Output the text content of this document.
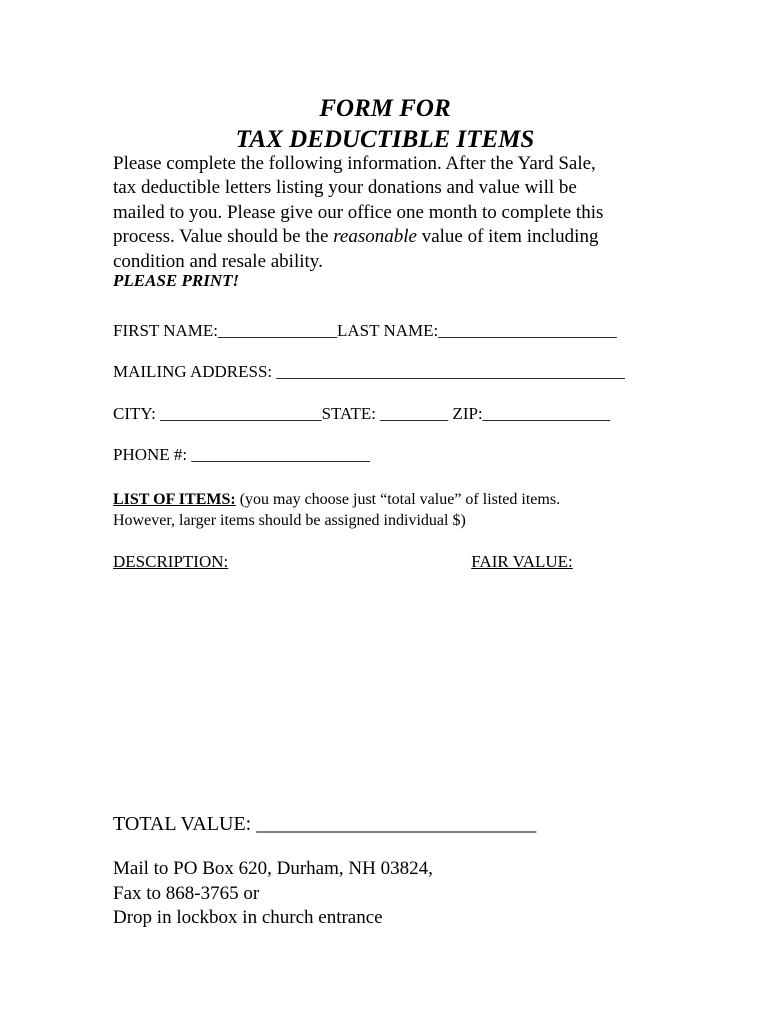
FORM FOR
TAX DEDUCTIBLE ITEMS
Please complete the following information. After the Yard Sale,
tax deductible letters listing your donations and value will be
mailed to you. Please give our office one month to complete this
process. Value should be the reasonable value of item including
condition and resale ability.
PLEASE PRINT!
FIRST NAME:______________LAST NAME:_____________________
MAILING ADDRESS: _________________________________________
CITY: ___________________STATE: ________ ZIP:_______________
PHONE #: _____________________
LIST OF ITEMS: (you may choose just “total value” of listed items.
However, larger items should be assigned individual $)
DESCRIPTION:	FAIR VALUE:
TOTAL VALUE: ____________________________
Mail to PO Box 620, Durham, NH 03824,
Fax to 868-3765 or
Drop in lockbox in church entrance
